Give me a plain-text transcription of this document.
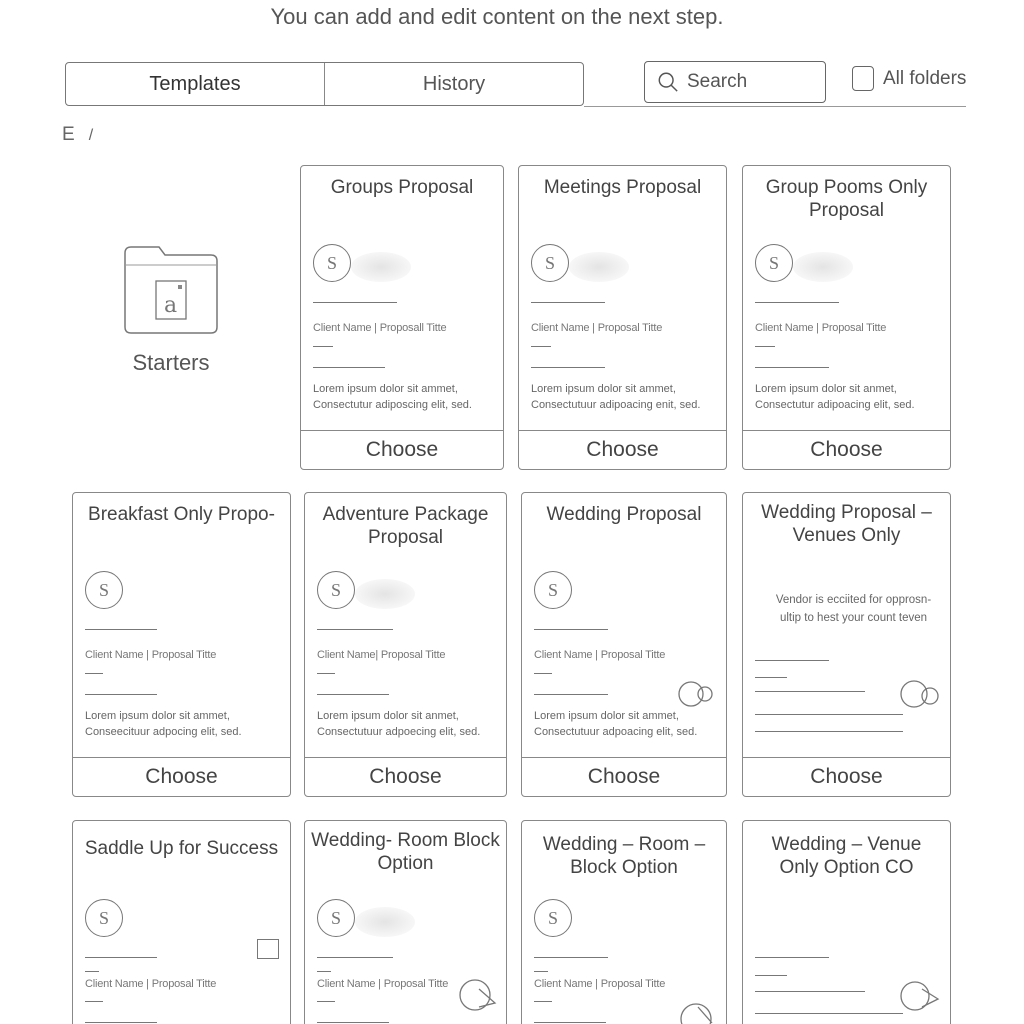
You can add and edit content on the next step.
Templates	History
Search	All folders
E /
a
Starters
Groups Proposal
S
Client Name | Proposall Titte
Lorem ipsum dolor sit ammet,
Consectutur adiposcing elit, sed.
Choose
Meetings Proposal
S
Client Name | Proposal Titte
Lorem ipsum dolor sit ammet,
Consectutuur adipoacing enit, sed.
Choose
Group Pooms Only Proposal
S
Client Name | Proposal Titte
Lorem ipsum dolor sit anmet,
Consectutur adipoacing elit, sed.
Choose
Breakfast Only Propo-
S
Client Name | Proposal Titte
Lorem ipsum dolor sit ammet,
Conseecituur adpocing elit, sed.
Choose
Adventure Package Proposal
S
Client Name| Proposal Titte
Lorem ipsum dolor sit anmet,
Consectutuur adpoecing elit, sed.
Choose
Wedding Proposal
S
Client Name | Proposal Titte
Lorem ipsum dolor sit ammet,
Consectutuur adpoacing elit, sed.
Choose
Wedding Proposal – Venues Only
Vendor is ecciited for opprosn-
ultip to hest your count teven
Choose
Saddle Up for Success
S
Client Name | Proposal Titte
Wedding- Room Block Option
S
Client Name | Proposal Titte
Wedding – Room – Block Option
S
Client Name | Proposal Titte
Wedding – Venue Only Option CO
